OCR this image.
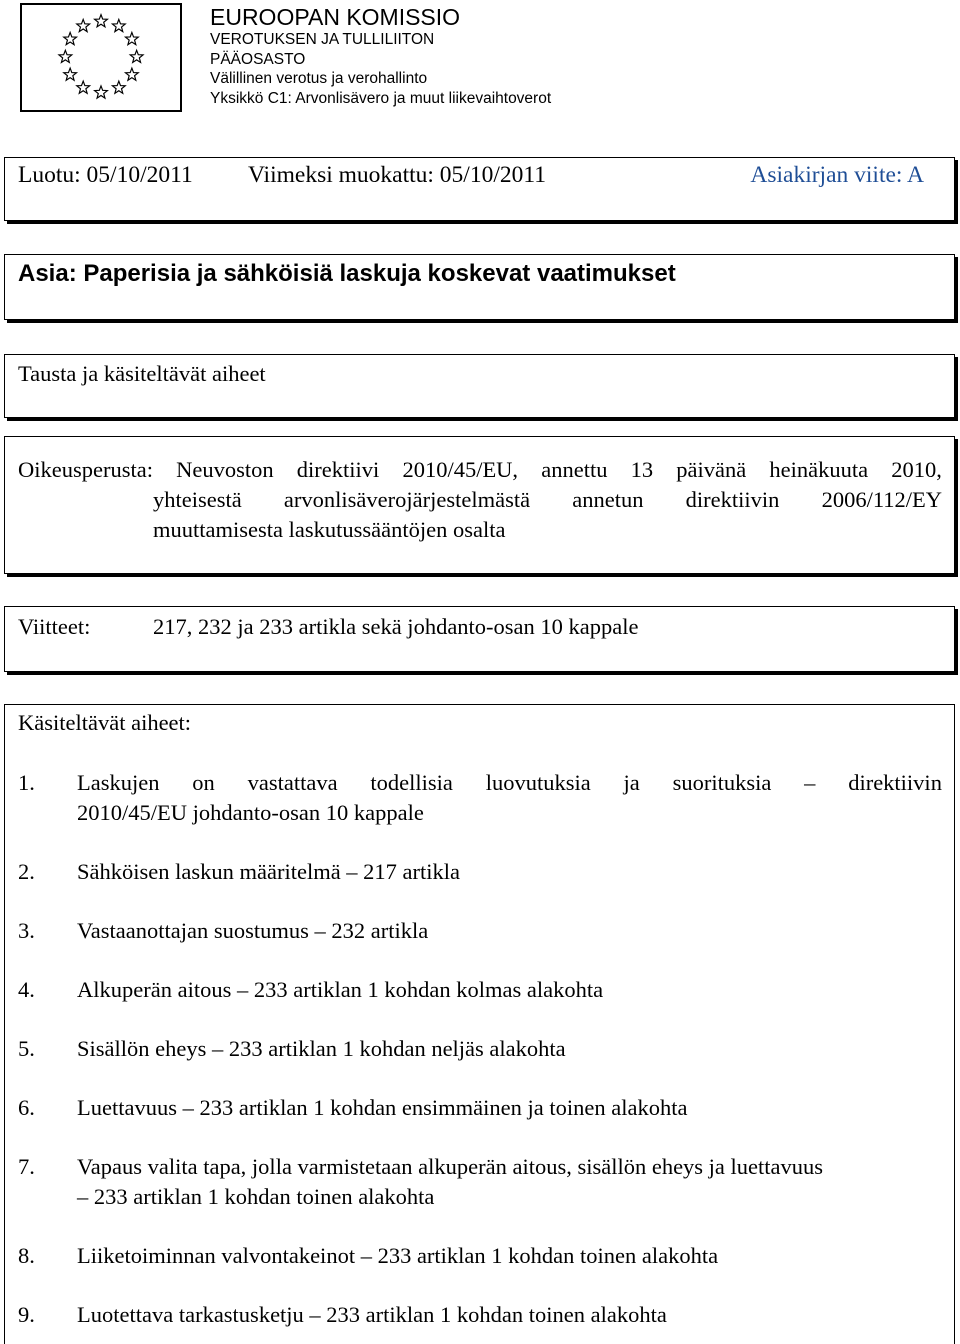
EUROOPAN KOMISSIO
VEROTUKSEN JA TULLILIITON
PÄÄOSASTO
Välillinen verotus ja verohallinto
Yksikkö C1: Arvonlisävero ja muut liikevaihtoverot
Luotu: 05/10/2011 Viimeksi muokattu: 05/10/2011	Asiakirjan viite: A
Asia: Paperisia ja sähköisiä laskuja koskevat vaatimukset
Tausta ja käsiteltävät aiheet
Oikeusperusta: Neuvoston direktiivi 2010/45/EU, annettu 13 päivänä heinäkuuta 2010,
yhteisestä arvonlisäverojärjestelmästä annetun direktiivin 2006/112/EY
muuttamisesta laskutussääntöjen osalta
Viitteet:	217, 232 ja 233 artikla sekä johdanto-osan 10 kappale
Käsiteltävät aiheet:
1. Laskujen on vastattava todellisia luovutuksia ja suorituksia – direktiivin
2010/45/EU johdanto-osan 10 kappale
2. Sähköisen laskun määritelmä – 217 artikla
3. Vastaanottajan suostumus – 232 artikla
4. Alkuperän aitous – 233 artiklan 1 kohdan kolmas alakohta
5. Sisällön eheys – 233 artiklan 1 kohdan neljäs alakohta
6. Luettavuus – 233 artiklan 1 kohdan ensimmäinen ja toinen alakohta
7. Vapaus valita tapa, jolla varmistetaan alkuperän aitous, sisällön eheys ja luettavuus
– 233 artiklan 1 kohdan toinen alakohta
8. Liiketoiminnan valvontakeinot – 233 artiklan 1 kohdan toinen alakohta
9. Luotettava tarkastusketju – 233 artiklan 1 kohdan toinen alakohta
